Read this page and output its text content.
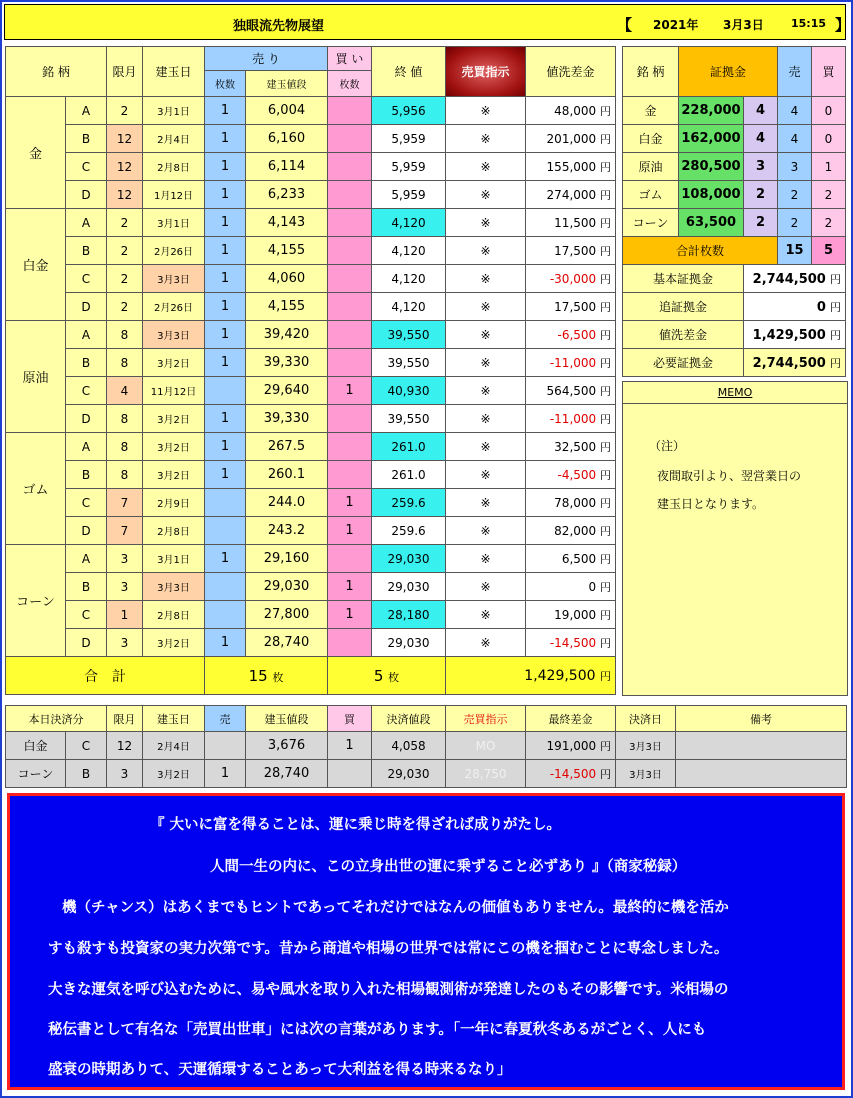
独眼流先物展望	【 2021年 3月3日 15:15 】
銘 柄		限月	建玉日	売 り		買 い	終 値	売買指示	値洗差金
				枚数	建玉値段	枚数			
金	A	2	3月1日	1	6,004		5,956	※	48,000 円
	B	12	2月4日	1	6,160		5,959	※	201,000 円
	C	12	2月8日	1	6,114		5,959	※	155,000 円
	D	12	1月12日	1	6,233		5,959	※	274,000 円
白金	A	2	3月1日	1	4,143		4,120	※	11,500 円
	B	2	2月26日	1	4,155		4,120	※	17,500 円
	C	2	3月3日	1	4,060		4,120	※	-30,000 円
	D	2	2月26日	1	4,155		4,120	※	17,500 円
原油	A	8	3月3日	1	39,420		39,550	※	-6,500 円
	B	8	3月2日	1	39,330		39,550	※	-11,000 円
	C	4	11月12日		29,640	1	40,930	※	564,500 円
	D	8	3月2日	1	39,330		39,550	※	-11,000 円
ゴム	A	8	3月2日	1	267.5		261.0	※	32,500 円
	B	8	3月2日	1	260.1		261.0	※	-4,500 円
	C	7	2月9日		244.0	1	259.6	※	78,000 円
	D	7	2月8日		243.2	1	259.6	※	82,000 円
コーン	A	3	3月1日	1	29,160		29,030	※	6,500 円
	B	3	3月3日		29,030	1	29,030	※	0 円
	C	1	2月8日		27,800	1	28,180	※	19,000 円
	D	3	3月2日	1	28,740		29,030	※	-14,500 円
合　計				15 枚		5 枚		1,429,500 円	
銘 柄	証拠金		売	買
金	228,000	4	4	0
白金	162,000	4	4	0
原油	280,500	3	3	1
ゴム	108,000	2	2	2
コーン	63,500	2	2	2
合計枚数			15	5
基本証拠金		2,744,500 円		
追証拠金		0 円		
値洗差金		1,429,500 円		
必要証拠金		2,744,500 円		
MEMO
（注）
夜間取引より、翌営業日の
建玉日となります。
本日決済分		限月	建玉日	売	建玉値段	買	決済値段	売買指示	最終差金	決済日	備考
白金	C	12	2月4日		3,676	1	4,058	MO	191,000 円	3月3日	
コーン	B	3	3月2日	1	28,740		29,030	28,750	-14,500 円	3月3日	
『 大いに富を得ることは、運に乗じ時を得ざれば成りがたし。
人間一生の内に、この立身出世の運に乗ずること必ずあり 』（商家秘録）
機（チャンス）はあくまでもヒントであってそれだけではなんの価値もありません。最終的に機を活か
すも殺すも投資家の実力次第です。昔から商道や相場の世界では常にこの機を掴むことに専念しました。
大きな運気を呼び込むために、易や風水を取り入れた相場観測術が発達したのもその影響です。米相場の
秘伝書として有名な「売買出世車」には次の言葉があります。「一年に春夏秋冬あるがごとく、人にも
盛衰の時期ありて、天運循環することあって大利益を得る時来るなり」
